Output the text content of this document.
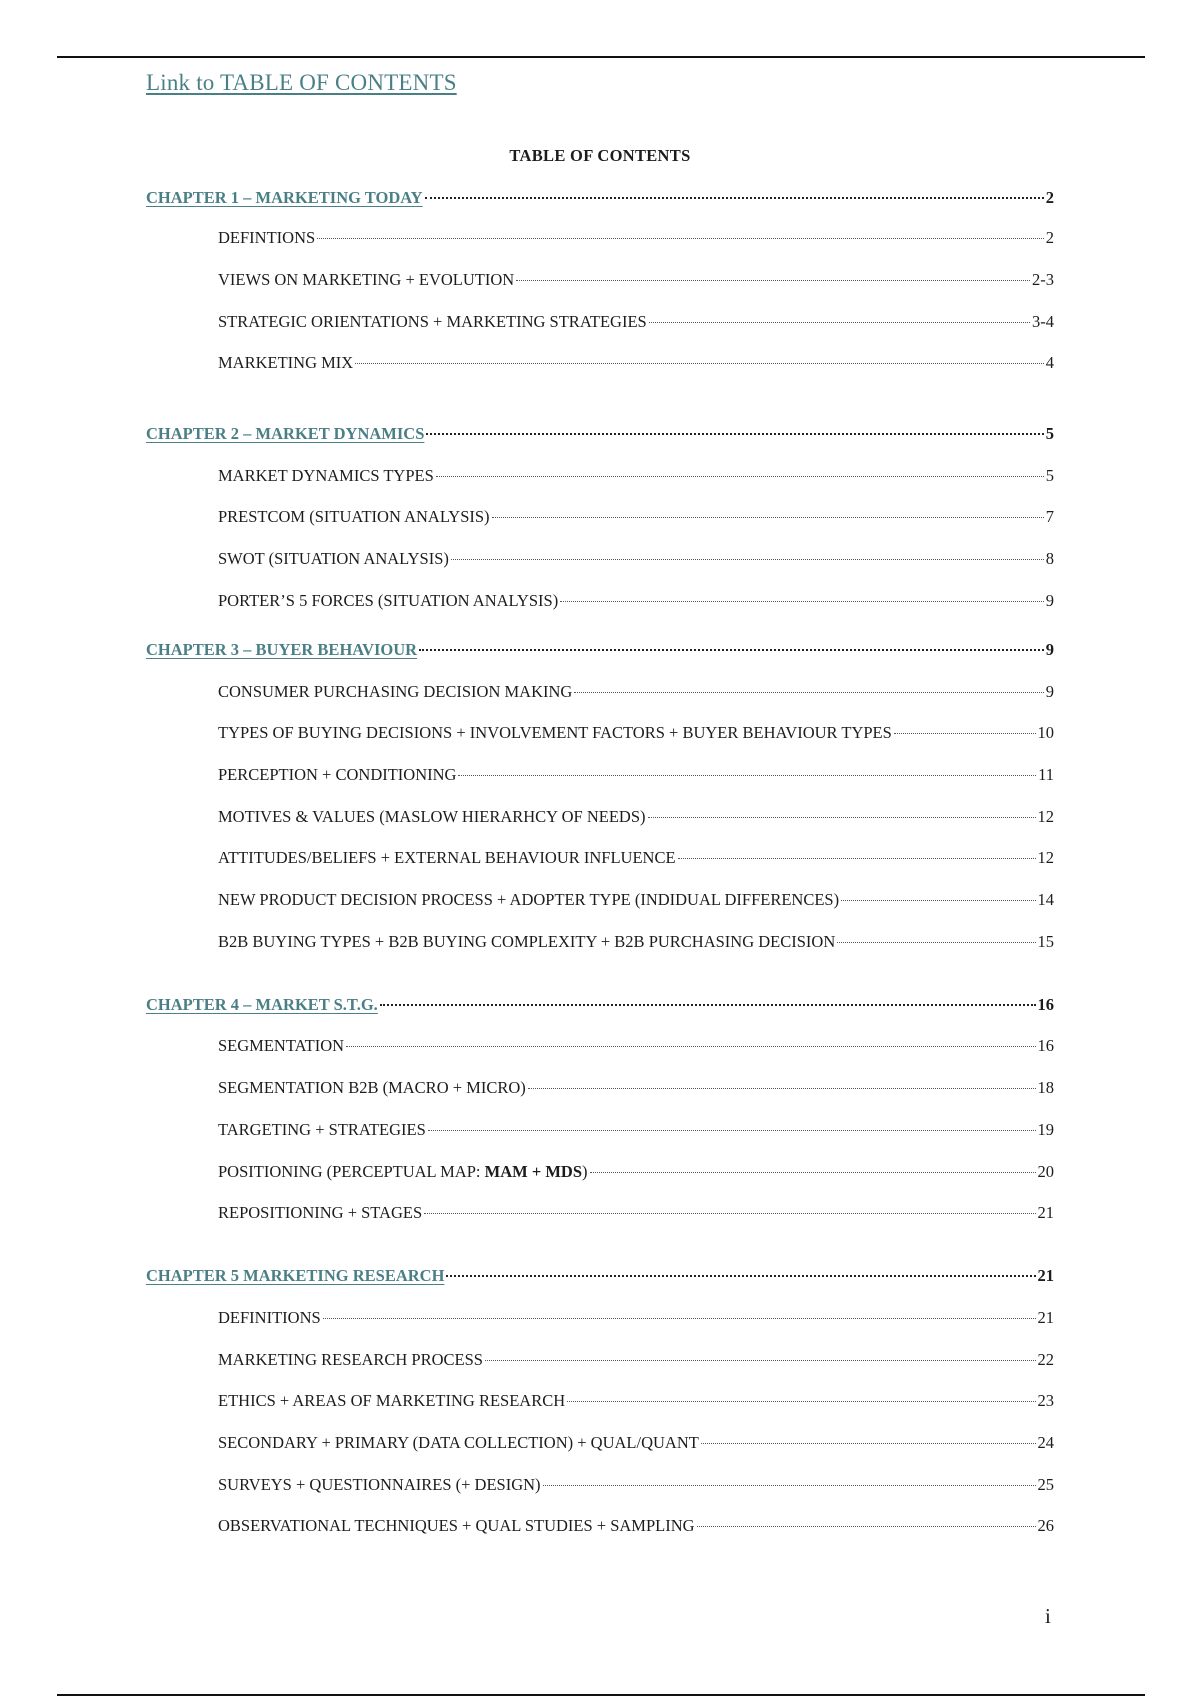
Link to TABLE OF CONTENTS
TABLE OF CONTENTS
CHAPTER 1 – MARKETING TODAY	2
DEFINTIONS	2
VIEWS ON MARKETING + EVOLUTION	2-3
STRATEGIC ORIENTATIONS + MARKETING STRATEGIES	3-4
MARKETING MIX	4
CHAPTER 2 – MARKET DYNAMICS	5
MARKET DYNAMICS TYPES	5
PRESTCOM (SITUATION ANALYSIS)	7
SWOT (SITUATION ANALYSIS)	8
PORTER’S 5 FORCES (SITUATION ANALYSIS)	9
CHAPTER 3 – BUYER BEHAVIOUR	9
CONSUMER PURCHASING DECISION MAKING	9
TYPES OF BUYING DECISIONS + INVOLVEMENT FACTORS + BUYER BEHAVIOUR TYPES	10
PERCEPTION + CONDITIONING	11
MOTIVES & VALUES (MASLOW HIERARHCY OF NEEDS)	12
ATTITUDES/BELIEFS + EXTERNAL BEHAVIOUR INFLUENCE	12
NEW PRODUCT DECISION PROCESS + ADOPTER TYPE (INDIDUAL DIFFERENCES)	14
B2B BUYING TYPES + B2B BUYING COMPLEXITY + B2B PURCHASING DECISION	15
CHAPTER 4 – MARKET S.T.G.	16
SEGMENTATION	16
SEGMENTATION B2B (MACRO + MICRO)	18
TARGETING + STRATEGIES	19
POSITIONING (PERCEPTUAL MAP: MAM + MDS)	20
REPOSITIONING + STAGES	21
CHAPTER 5 MARKETING RESEARCH	21
DEFINITIONS	21
MARKETING RESEARCH PROCESS	22
ETHICS + AREAS OF MARKETING RESEARCH	23
SECONDARY + PRIMARY (DATA COLLECTION) + QUAL/QUANT	24
SURVEYS + QUESTIONNAIRES (+ DESIGN)	25
OBSERVATIONAL TECHNIQUES + QUAL STUDIES + SAMPLING	26
i
